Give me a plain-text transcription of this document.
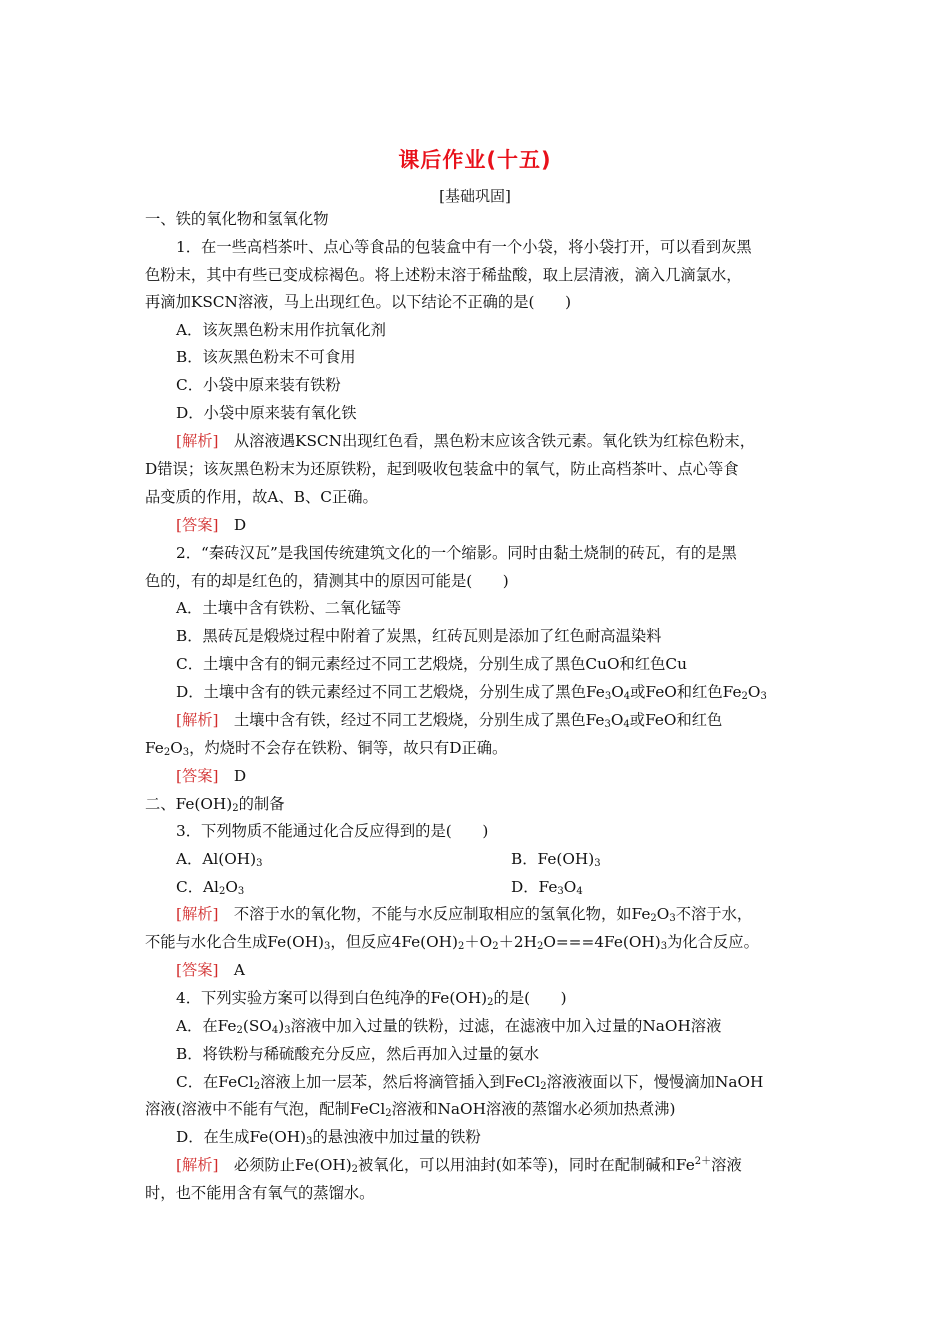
课后作业(十五)
[基础巩固]
一、铁的氧化物和氢氧化物
1．在一些高档茶叶、点心等食品的包装盒中有一个小袋，将小袋打开，可以看到灰黑
色粉末，其中有些已变成棕褐色。将上述粉末溶于稀盐酸，取上层清液，滴入几滴氯水，
再滴加KSCN溶液，马上出现红色。以下结论不正确的是(　　)
A．该灰黑色粉末用作抗氧化剂
B．该灰黑色粉末不可食用
C．小袋中原来装有铁粉
D．小袋中原来装有氧化铁
[解析]　从溶液遇KSCN出现红色看，黑色粉末应该含铁元素。氧化铁为红棕色粉末，
D错误；该灰黑色粉末为还原铁粉，起到吸收包装盒中的氧气，防止高档茶叶、点心等食
品变质的作用，故A、B、C正确。
[答案]　D
2．“秦砖汉瓦”是我国传统建筑文化的一个缩影。同时由黏土烧制的砖瓦，有的是黑
色的，有的却是红色的，猜测其中的原因可能是(　　)
A．土壤中含有铁粉、二氧化锰等
B．黑砖瓦是煅烧过程中附着了炭黑，红砖瓦则是添加了红色耐高温染料
C．土壤中含有的铜元素经过不同工艺煅烧，分别生成了黑色CuO和红色Cu
D．土壤中含有的铁元素经过不同工艺煅烧，分别生成了黑色$Fe_3O_4$或FeO和红色$Fe_2O_3$
[解析]　土壤中含有铁，经过不同工艺煅烧，分别生成了黑色$Fe_3O_4$或FeO和红色
$Fe_2O_3$，灼烧时不会存在铁粉、铜等，故只有D正确。
[答案]　D
二、$Fe(OH)_2$的制备
3．下列物质不能通过化合反应得到的是(　　)
A．$Al(OH)_3$	B．$Fe(OH)_3$
C．$Al_2O_3$	D．$Fe_3O_4$
[解析]　不溶于水的氧化物，不能与水反应制取相应的氢氧化物，如$Fe_2O_3$不溶于水，
不能与水化合生成$Fe(OH)_3$，但反应$4Fe(OH)_2+O_2+2H_2O===4Fe(OH)_3$为化合反应。
[答案]　A
4．下列实验方案可以得到白色纯净的$Fe(OH)_2$的是(　　)
A．在$Fe_2(SO_4)_3$溶液中加入过量的铁粉，过滤，在滤液中加入过量的NaOH溶液
B．将铁粉与稀硫酸充分反应，然后再加入过量的氨水
C．在FeCl$_2$溶液上加一层苯，然后将滴管插入到FeCl$_2$溶液液面以下，慢慢滴加NaOH
溶液(溶液中不能有气泡，配制FeCl$_2$溶液和NaOH溶液的蒸馏水必须加热煮沸)
D．在生成$Fe(OH)_3$的悬浊液中加过量的铁粉
[解析]　必须防止$Fe(OH)_2$被氧化，可以用油封(如苯等)，同时在配制碱和$Fe^{2+}$溶液
时，也不能用含有氧气的蒸馏水。
